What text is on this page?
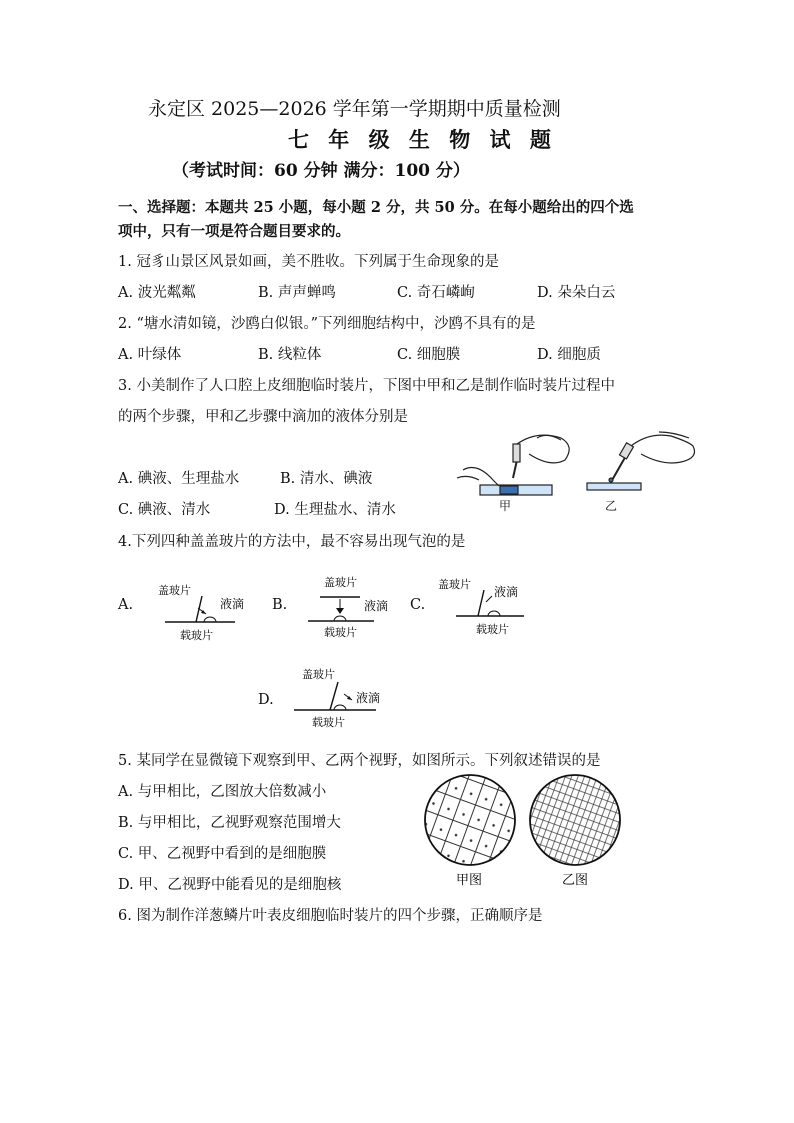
永定区 2025—2026 学年第一学期期中质量检测
七 年 级 生 物 试 题
（考试时间：60 分钟 满分：100 分）
一、选择题：本题共 25 小题，每小题 2 分，共 50 分。在每小题给出的四个选
项中，只有一项是符合题目要求的。
1. 冠豸山景区风景如画，美不胜收。下列属于生命现象的是
A. 波光粼粼	B. 声声蝉鸣	C. 奇石嶙峋	D. 朵朵白云
2. “塘水清如镜，沙鸥白似银。”下列细胞结构中，沙鸥不具有的是
A. 叶绿体	B. 线粒体	C. 细胞膜	D. 细胞质
3. 小美制作了人口腔上皮细胞临时装片，下图中甲和乙是制作临时装片过程中
的两个步骤，甲和乙步骤中滴加的液体分别是
A. 碘液、生理盐水	B. 清水、碘液
C. 碘液、清水	D. 生理盐水、清水	甲	乙
4.下列四种盖盖玻片的方法中，最不容易出现气泡的是
A.
盖玻片
液滴
载玻片
B.
盖玻片
液滴
载玻片
C.
盖玻片
液滴
载玻片
D.
盖玻片
液滴
载玻片
5. 某同学在显微镜下观察到甲、乙两个视野，如图所示。下列叙述错误的是
A. 与甲相比，乙图放大倍数减小
B. 与甲相比，乙视野观察范围增大
C. 甲、乙视野中看到的是细胞膜
D. 甲、乙视野中能看见的是细胞核	甲图	乙图
6. 图为制作洋葱鳞片叶表皮细胞临时装片的四个步骤，正确顺序是
